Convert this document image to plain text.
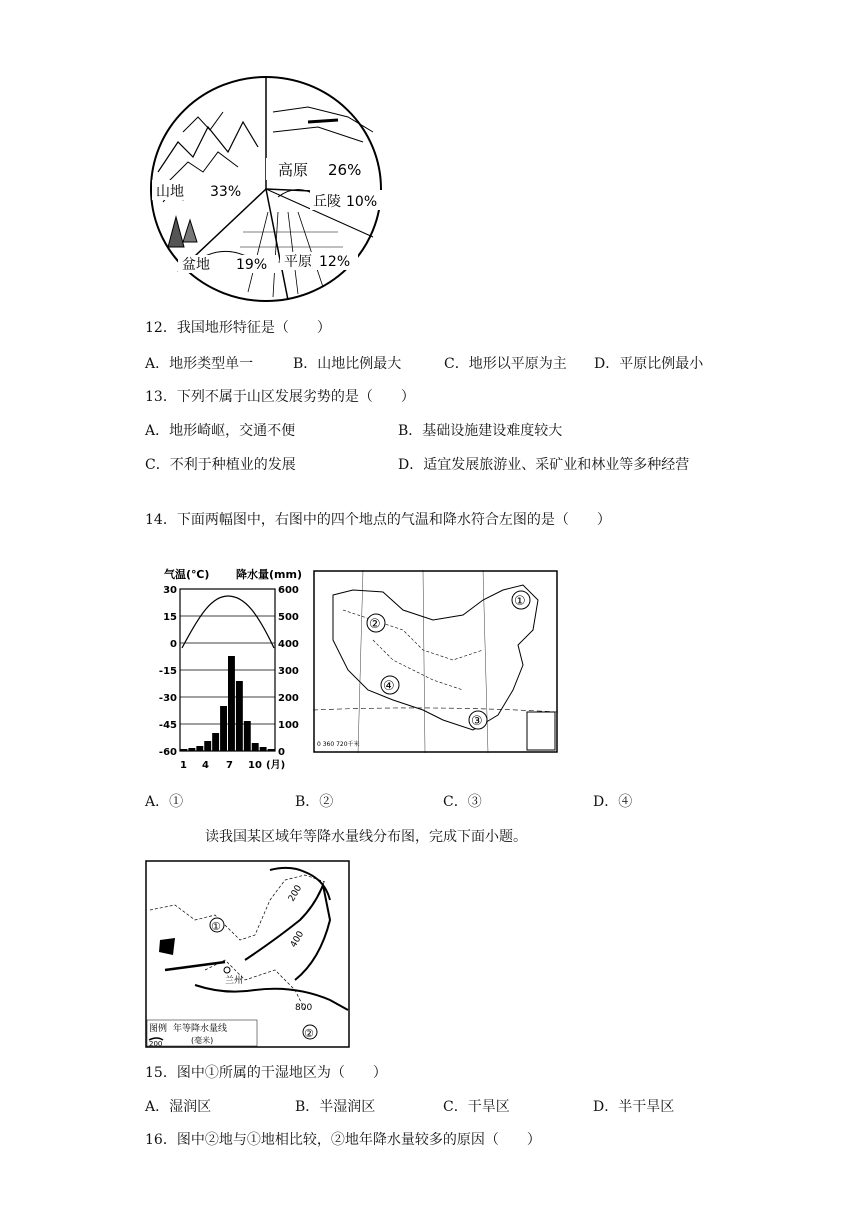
高原 26%
丘陵 10%
山地 33%
盆地 19% 平原 12%
12．我国地形特征是（　　）
A．地形类型单一	B．山地比例最大	C．地形以平原为主 D．平原比例最小
13．下列不属于山区发展劣势的是（　　）
A．地形崎岖，交通不便	B．基础设施建设难度较大
C．不利于种植业的发展	D．适宜发展旅游业、采矿业和林业等多种经营
14．下面两幅图中，右图中的四个地点的气温和降水符合左图的是（　　）
气温(℃) 降水量(mm)
30
15
0
-15
-30
-45
-60
600
500
400
300
200
100
0
1 4 7 10 (月)
①
②
③
④
0 360 720千米
A．①	B．②	C．③	D．④
读我国某区域年等降水量线分布图，完成下面小题。
兰州
200
400
800
①
②
图例
200
年等降水量线
(毫米)
15．图中①所属的干湿地区为（　　）
A．湿润区	B．半湿润区	C．干旱区	D．半干旱区
16．图中②地与①地相比较，②地年降水量较多的原因（　　）
